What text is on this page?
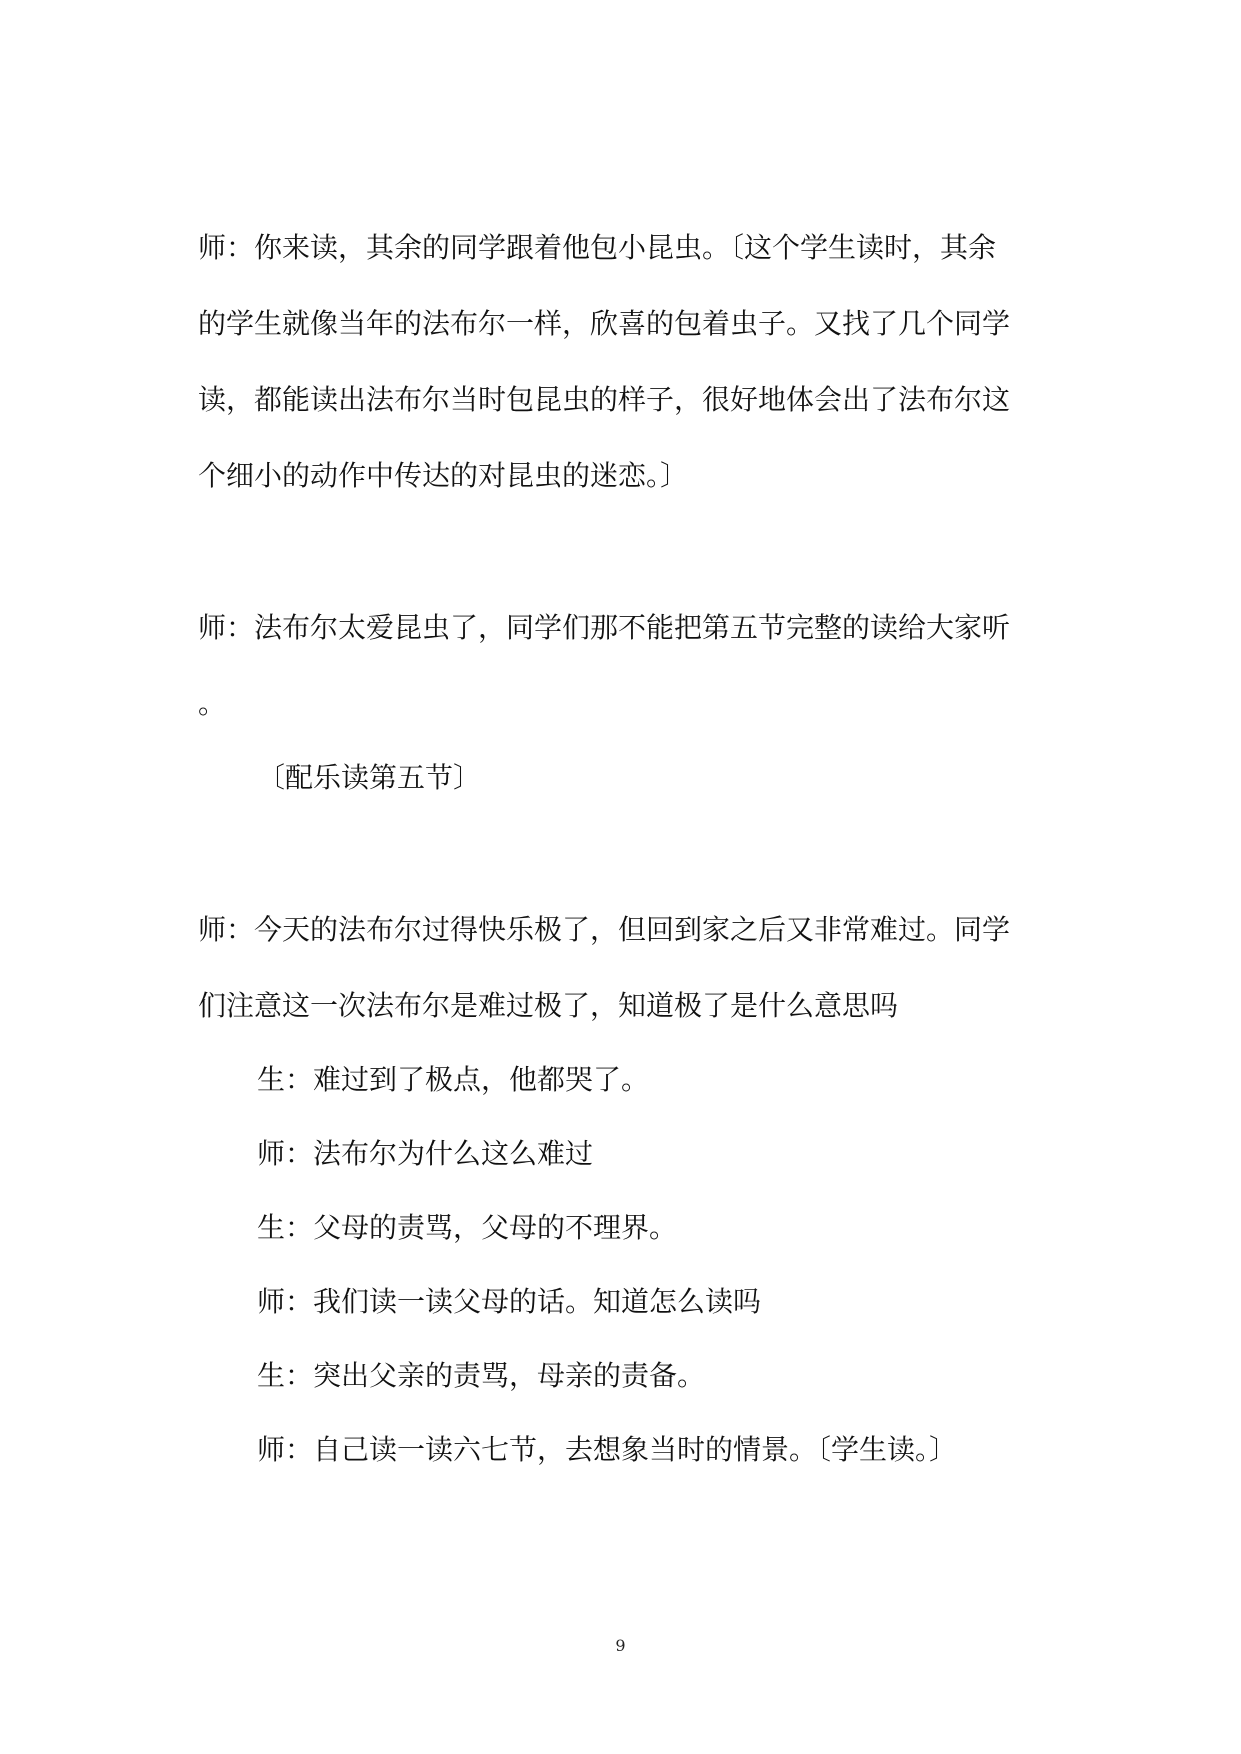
师：你来读，其余的同学跟着他包小昆虫。〔这个学生读时，其余
的学生就像当年的法布尔一样，欣喜的包着虫子。又找了几个同学
读，都能读出法布尔当时包昆虫的样子，很好地体会出了法布尔这
个细小的动作中传达的对昆虫的迷恋。〕
师：法布尔太爱昆虫了，同学们那不能把第五节完整的读给大家听
。
〔配乐读第五节〕
师：今天的法布尔过得快乐极了，但回到家之后又非常难过。同学
们注意这一次法布尔是难过极了，知道极了是什么意思吗
生：难过到了极点，他都哭了。
师：法布尔为什么这么难过
生：父母的责骂，父母的不理界。
师：我们读一读父母的话。知道怎么读吗
生：突出父亲的责骂，母亲的责备。
师：自己读一读六七节，去想象当时的情景。〔学生读。〕
9
